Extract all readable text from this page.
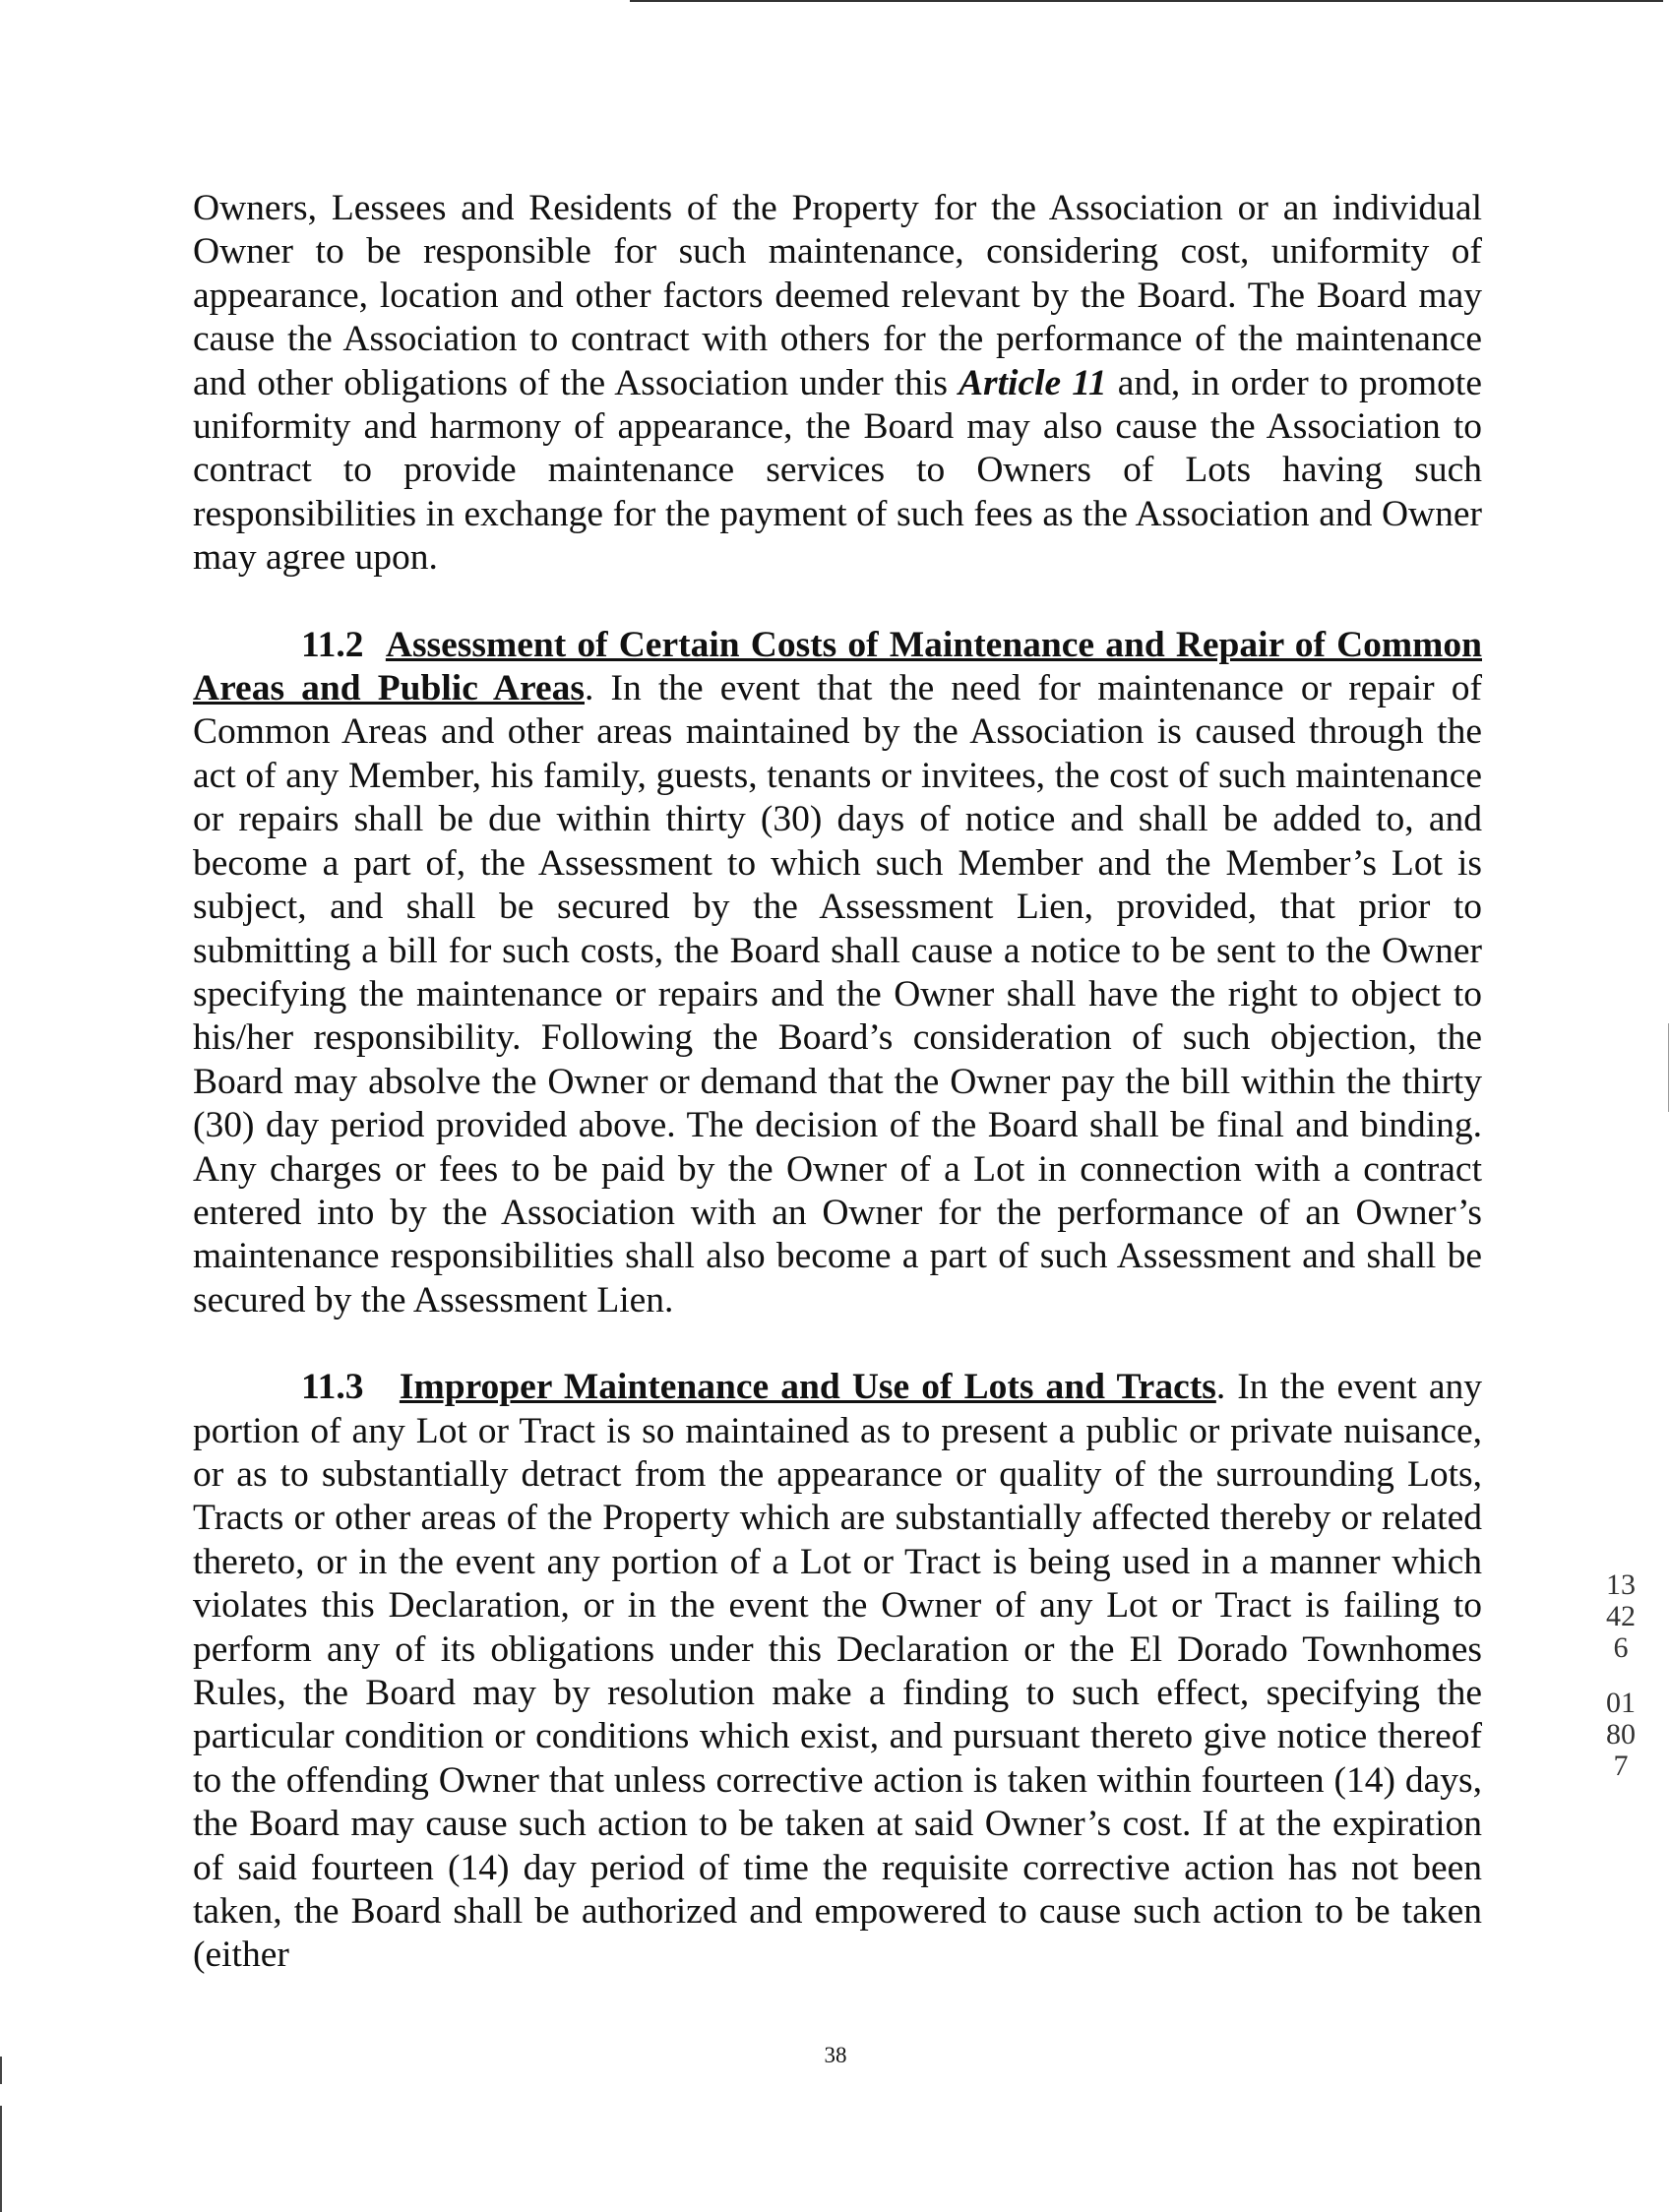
Owners, Lessees and Residents of the Property for the Association or an individual Owner to be responsible for such maintenance, considering cost, uniformity of appearance, location and other factors deemed relevant by the Board. The Board may cause the Association to contract with others for the performance of the maintenance and other obligations of the Association under this Article 11 and, in order to promote uniformity and harmony of appearance, the Board may also cause the Association to contract to provide maintenance services to Owners of Lots having such responsibilities in exchange for the payment of such fees as the Association and Owner may agree upon.

11.2 Assessment of Certain Costs of Maintenance and Repair of Common Areas and Public Areas. In the event that the need for maintenance or repair of Common Areas and other areas maintained by the Association is caused through the act of any Member, his family, guests, tenants or invitees, the cost of such maintenance or repairs shall be due within thirty (30) days of notice and shall be added to, and become a part of, the Assessment to which such Member and the Member’s Lot is subject, and shall be secured by the Assessment Lien, provided, that prior to submitting a bill for such costs, the Board shall cause a notice to be sent to the Owner specifying the maintenance or repairs and the Owner shall have the right to object to his/her responsibility. Following the Board’s consideration of such objection, the Board may absolve the Owner or demand that the Owner pay the bill within the thirty (30) day period provided above. The decision of the Board shall be final and binding. Any charges or fees to be paid by the Owner of a Lot in connection with a contract entered into by the Association with an Owner for the performance of an Owner’s maintenance responsibilities shall also become a part of such Assessment and shall be secured by the Assessment Lien.

11.3 Improper Maintenance and Use of Lots and Tracts. In the event any portion of any Lot or Tract is so maintained as to present a public or private nuisance, or as to substantially detract from the appearance or quality of the surrounding Lots, Tracts or other areas of the Property which are substantially affected thereby or related thereto, or in the event any portion of a Lot or Tract is being used in a manner which violates this Declaration, or in the event the Owner of any Lot or Tract is failing to perform any of its obligations under this Declaration or the El Dorado Townhomes Rules, the Board may by resolution make a finding to such effect, specifying the particular condition or conditions which exist, and pursuant thereto give notice thereof to the offending Owner that unless corrective action is taken within fourteen (14) days, the Board may cause such action to be taken at said Owner’s cost. If at the expiration of said fourteen (14) day period of time the requisite corrective action has not been taken, the Board shall be authorized and empowered to cause such action to be taken (either

13426
01807
38
